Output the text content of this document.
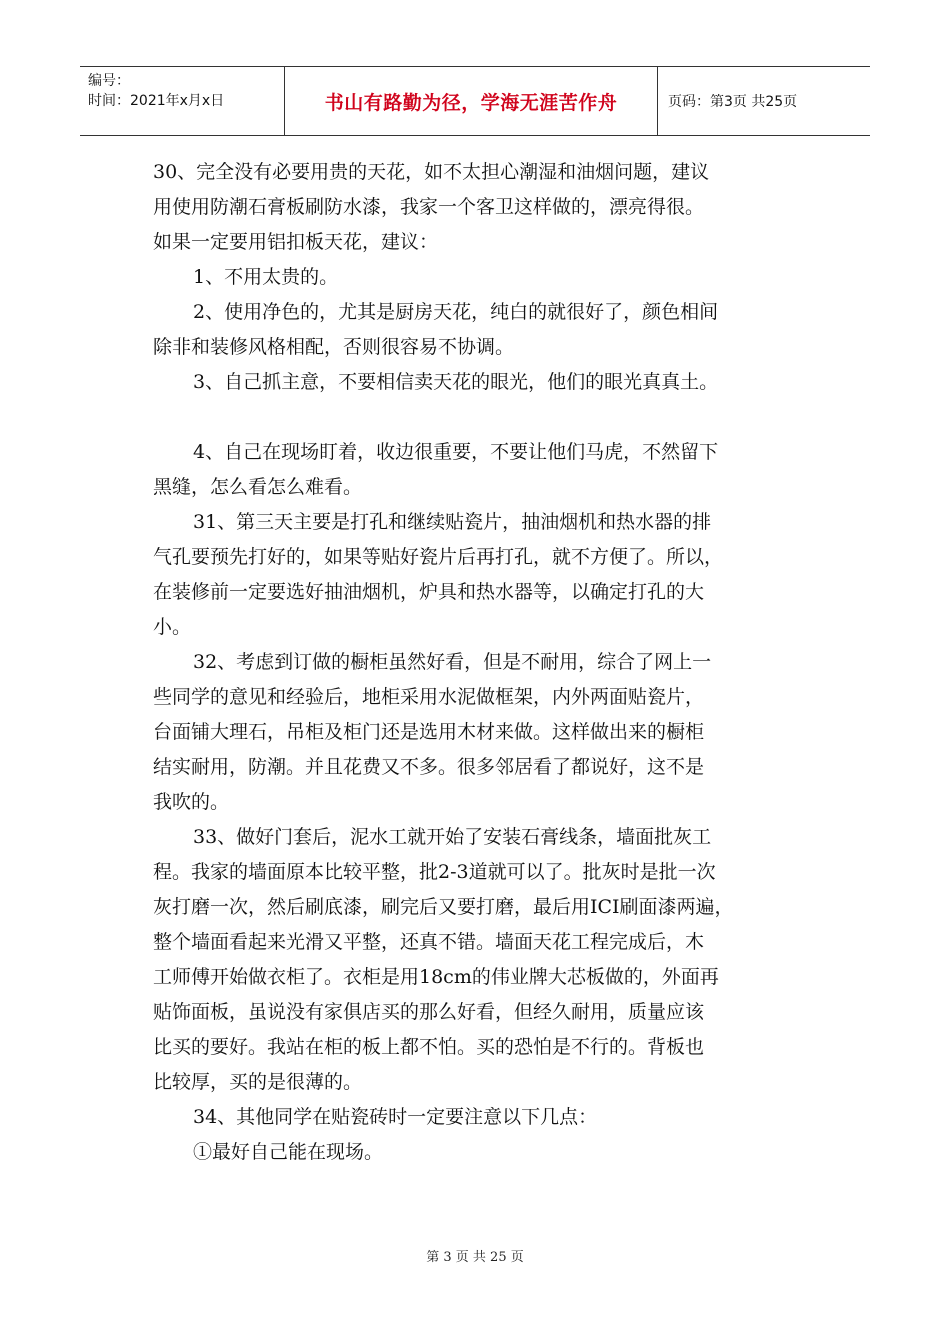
编号：
时间：2021年x月x日	书山有路勤为径，学海无涯苦作舟	页码：第3页 共25页

30、完全没有必要用贵的天花，如不太担心潮湿和油烟问题，建议

用使用防潮石膏板刷防水漆，我家一个客卫这样做的，漂亮得很。

如果一定要用铝扣板天花，建议：

1、不用太贵的。

2、使用净色的，尤其是厨房天花，纯白的就很好了，颜色相间

除非和装修风格相配，否则很容易不协调。

3、自己抓主意，不要相信卖天花的眼光，他们的眼光真真土。

4、自己在现场盯着，收边很重要，不要让他们马虎，不然留下

黑缝，怎么看怎么难看。

31、第三天主要是打孔和继续贴瓷片，抽油烟机和热水器的排

气孔要预先打好的，如果等贴好瓷片后再打孔，就不方便了。所以，

在装修前一定要选好抽油烟机，炉具和热水器等，以确定打孔的大

小。

32、考虑到订做的橱柜虽然好看，但是不耐用，综合了网上一

些同学的意见和经验后，地柜采用水泥做框架，内外两面贴瓷片，

台面铺大理石，吊柜及柜门还是选用木材来做。这样做出来的橱柜

结实耐用，防潮。并且花费又不多。很多邻居看了都说好，这不是

我吹的。

33、做好门套后，泥水工就开始了安装石膏线条，墙面批灰工

程。我家的墙面原本比较平整，批2-3道就可以了。批灰时是批一次

灰打磨一次，然后刷底漆，刷完后又要打磨，最后用ICI刷面漆两遍，

整个墙面看起来光滑又平整，还真不错。墙面天花工程完成后，木

工师傅开始做衣柜了。衣柜是用18cm的伟业牌大芯板做的，外面再

贴饰面板，虽说没有家俱店买的那么好看，但经久耐用，质量应该

比买的要好。我站在柜的板上都不怕。买的恐怕是不行的。背板也

比较厚，买的是很薄的。

34、其他同学在贴瓷砖时一定要注意以下几点：

①最好自己能在现场。

第 3 页 共 25 页
